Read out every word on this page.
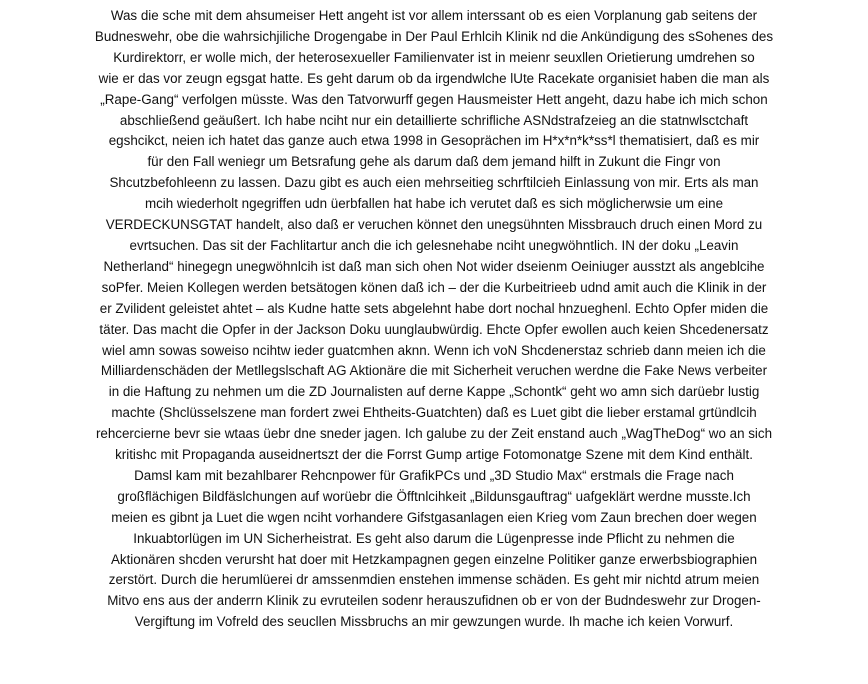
Was die sche mit dem ahsumeiser Hett angeht ist vor allem interssant ob es eien Vorplanung gab seitens der
Budneswehr, obe die wahrsichjiliche Drogengabe in Der Paul Erhlcih Klinik nd die Ankündigung des sSohenes des
Kurdirektorr, er wolle mich, der heterosexueller Familienvater ist in meienr seuxllen Orietierung umdrehen so
wie er das vor zeugn egsgat hatte. Es geht darum ob da irgendwlche lUte Racekate organisiet haben die man als
„Rape-Gang“ verfolgen müsste. Was den Tatvorwurff gegen Hausmeister Hett angeht, dazu habe ich mich schon
abschließend geäußert. Ich habe nciht nur ein detaillierte schrifliche ASNdstrafzeieg an die statnwlsctchaft
egshcikct, neien ich hatet das ganze auch etwa 1998 in Gesoprächen im H*x*n*k*ss*l thematisiert, daß es mir
für den Fall weniegr um Betsrafung gehe als darum daß dem jemand hilft in Zukunt die Fingr von
Shcutzbefohleenn zu lassen. Dazu gibt es auch eien mehrseitieg schrftilcieh Einlassung von mir. Erts als man
mcih wiederholt ngegriffen udn üerbfallen hat habe ich verutet daß es sich möglicherwsie um eine
VERDECKUNSGTAT handelt, also daß er veruchen könnet den unegsühnten Missbrauch druch einen Mord zu
evrtsuchen. Das sit der Fachlitartur anch die ich gelesnehabe nciht unegwöhntlich. IN der doku „Leavin
Netherland“ hinegegn unegwöhnlcih ist daß man sich ohen Not wider dseienm Oeiniuger ausstzt als angeblcihe
soPfer. Meien Kollegen werden betsätogen könen daß ich – der die Kurbeitrieeb udnd amit auch die Klinik in der
er Zvilident geleistet ahtet – als Kudne hatte sets abgelehnt habe dort nochal hnzueghenl. Echto Opfer miden die
täter. Das macht die Opfer in der Jackson Doku uunglaubwürdig. Ehcte Opfer ewollen auch keien Shcedenersatz
wiel amn sowas soweiso ncihtw ieder guatcmhen aknn. Wenn ich voN Shcdenerstaz schrieb dann meien ich die
Milliardenschäden der Metllegslschaft AG Aktionäre die mit Sicherheit veruchen werdne die Fake News verbeiter
in die Haftung zu nehmen um die ZD Journalisten auf derne Kappe „Schontk“ geht wo amn sich darüebr lustig
machte (Shclüsselszene man fordert zwei Ehtheits-Guatchten) daß es Luet gibt die lieber erstamal grtündlcih
rehcercierne bevr sie wtaas üebr dne sneder jagen. Ich galube zu der Zeit enstand auch „WagTheDog“ wo an sich
kritishc mit Propaganda auseidnertszt der die Forrst Gump artige Fotomonatge Szene mit dem Kind enthält.
Damsl kam mit bezahlbarer Rehcnpower für GrafikPCs und „3D Studio Max“ erstmals die Frage nach
großflächigen Bildfäslchungen auf worüebr die Öfftnlcihkeit „Bildunsgauftrag“ uafgeklärt werdne musste.Ich
meien es gibnt ja Luet die wgen nciht vorhandere Gifstgasanlagen eien Krieg vom Zaun brechen doer wegen
Inkuabtorlügen im UN Sicherheistrat. Es geht also darum die Lügenpresse inde Pflicht zu nehmen die
Aktionären shcden verursht hat doer mit Hetzkampagnen gegen einzelne Politiker ganze erwerbsbiographien
zerstört. Durch die herumlüerei dr amssenmdien enstehen immense schäden. Es geht mir nichtd atrum meien
Mitvo ens aus der anderrn Klinik zu evruteilen sodenr herauszufidnen ob er von der Budndeswehr zur Drogen-
Vergiftung im Vofreld des seucllen Missbruchs an mir gewzungen wurde. Ih mache ich keien Vorwurf.
